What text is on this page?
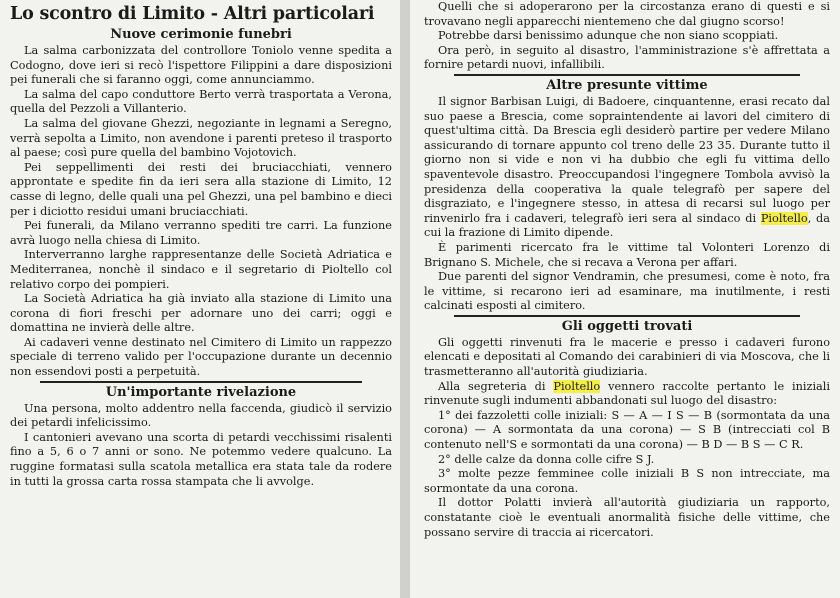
Lo scontro di Limito - Altri particolari
Nuove cerimonie funebri

La salma carbonizzata del controllore Toniolo venne spedita a Codogno, dove ieri si recò l'ispettore Filippini a dare disposizioni pei funerali che si faranno oggi, come annunciammo.

La salma del capo conduttore Berto verrà trasportata a Verona, quella del Pezzoli a Villanterio.

La salma del giovane Ghezzi, negoziante in legnami a Seregno, verrà sepolta a Limito, non avendone i parenti preteso il trasporto al paese; così pure quella del bambino Vojotovich.

Pei seppellimenti dei resti dei bruciacchiati, vennero approntate e spedite fin da ieri sera alla stazione di Limito, 12 casse di legno, delle quali una pel Ghezzi, una pel bambino e dieci per i diciotto residui umani bruciacchiati.

Pei funerali, da Milano verranno spediti tre carri. La funzione avrà luogo nella chiesa di Limito.

Interverranno larghe rappresentanze delle Società Adriatica e Mediterranea, nonchè il sindaco e il segretario di Pioltello col relativo corpo dei pompieri.

La Società Adriatica ha già inviato alla stazione di Limito una corona di fiori freschi per adornare uno dei carri; oggi e domattina ne invierà delle altre.

Ai cadaveri venne destinato nel Cimitero di Limito un rappezzo speciale di terreno valido per l'occupazione durante un decennio non essendovi posti a perpetuità.

Un'importante rivelazione

Una persona, molto addentro nella faccenda, giudicò il servizio dei petardi infelicissimo.

I cantonieri avevano una scorta di petardi vecchissimi risalenti fino a 5, 6 o 7 anni or sono. Ne potemmo vedere qualcuno. La ruggine formatasi sulla scatola metallica era stata tale da rodere in tutti la grossa carta rossa stampata che li avvolge.

Quelli che si adoperarono per la circostanza erano di questi e si trovavano negli apparecchi nientemeno che dal giugno scorso!

Potrebbe darsi benissimo adunque che non siano scoppiati.

Ora però, in seguito al disastro, l'amministrazione s'è affrettata a fornire petardi nuovi, infallibili.

Altre presunte vittime

Il signor Barbisan Luigi, di Badoere, cinquantenne, erasi recato dal suo paese a Brescia, come sopraintendente ai lavori del cimitero di quest'ultima città. Da Brescia egli desiderò partire per vedere Milano assicurando di tornare appunto col treno delle 23 35. Durante tutto il giorno non si vide e non vi ha dubbio che egli fu vittima dello spaventevole disastro. Preoccupandosi l'ingegnere Tombola avvisò la presidenza della cooperativa la quale telegrafò per sapere del disgraziato, e l'ingegnere stesso, in attesa di recarsi sul luogo per rinvenirlo fra i cadaveri, telegrafò ieri sera al sindaco di Pioltello, da cui la frazione di Limito dipende.

È parimenti ricercato fra le vittime tal Volonteri Lorenzo di Brignano S. Michele, che si recava a Verona per affari.

Due parenti del signor Vendramin, che presumesi, come è noto, fra le vittime, si recarono ieri ad esaminare, ma inutilmente, i resti calcinati esposti al cimitero.

Gli oggetti trovati

Gli oggetti rinvenuti fra le macerie e presso i cadaveri furono elencati e depositati al Comando dei carabinieri di via Moscova, che li trasmetteranno all'autorità giudiziaria.

Alla segreteria di Pioltello vennero raccolte pertanto le iniziali rinvenute sugli indumenti abbandonati sul luogo del disastro:

1° dei fazzoletti colle iniziali: S — A — I S — B (sormontata da una corona) — A sormontata da una corona) — S B (intrecciati col B contenuto nell'S e sormontati da una corona) — B D — B S — C R.

2° delle calze da donna colle cifre S J.

3° molte pezze femminee colle iniziali B S non intrecciate, ma sormontate da una corona.

Il dottor Polatti invierà all'autorità giudiziaria un rapporto, constatante cioè le eventuali anormalità fisiche delle vittime, che possano servire di traccia ai ricercatori.
